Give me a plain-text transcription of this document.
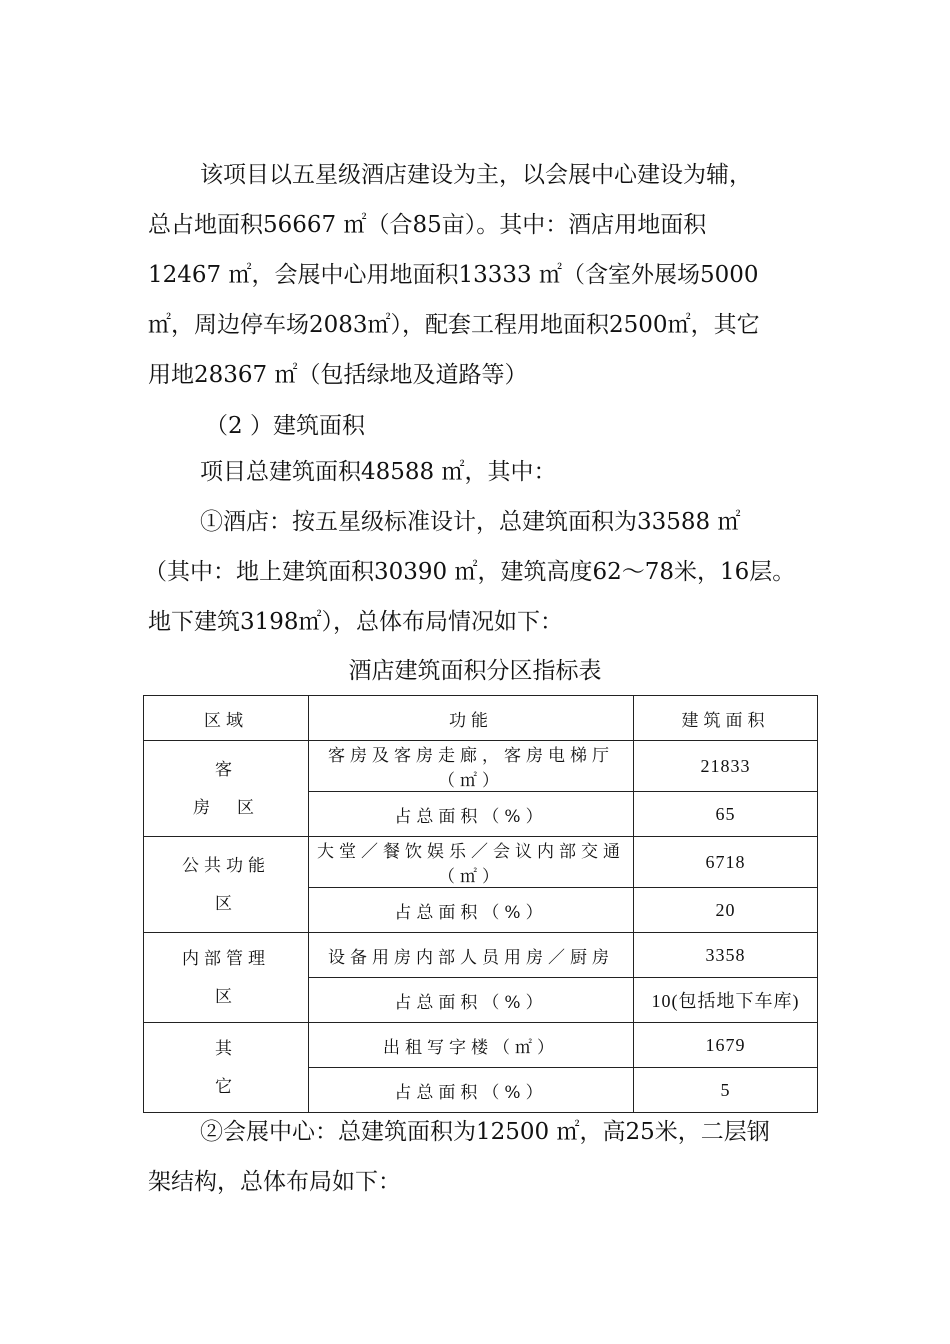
该项目以五星级酒店建设为主，以会展中心建设为辅，
总占地面积56667 ㎡（合85亩）。其中：酒店用地面积
12467 ㎡，会展中心用地面积13333 ㎡（含室外展场5000
㎡，周边停车场2083㎡），配套工程用地面积2500㎡，其它
用地28367 ㎡（包括绿地及道路等）
（2 ）建筑面积
项目总建筑面积48588 ㎡，其中：
①酒店：按五星级标准设计，总建筑面积为33588 ㎡
（其中：地上建筑面积30390 ㎡，建筑高度62～78米，16层。
地下建筑3198㎡），总体布局情况如下：
酒店建筑面积分区指标表
区域	功能	建筑面积

客
房　区	客房及客房走廊，客房电梯厅（㎡）	21833
	占总面积（%）	65

公共功能
区	大堂／餐饮娱乐／会议内部交通（㎡）	6718
	占总面积（%）	20

内部管理
区	设备用房内部人员用房／厨房	3358
	占总面积（%）	10(包括地下车库)

其
它	出租写字楼（㎡）	1679
	占总面积（%）	5
②会展中心：总建筑面积为12500 ㎡，高25米，二层钢
架结构，总体布局如下：
